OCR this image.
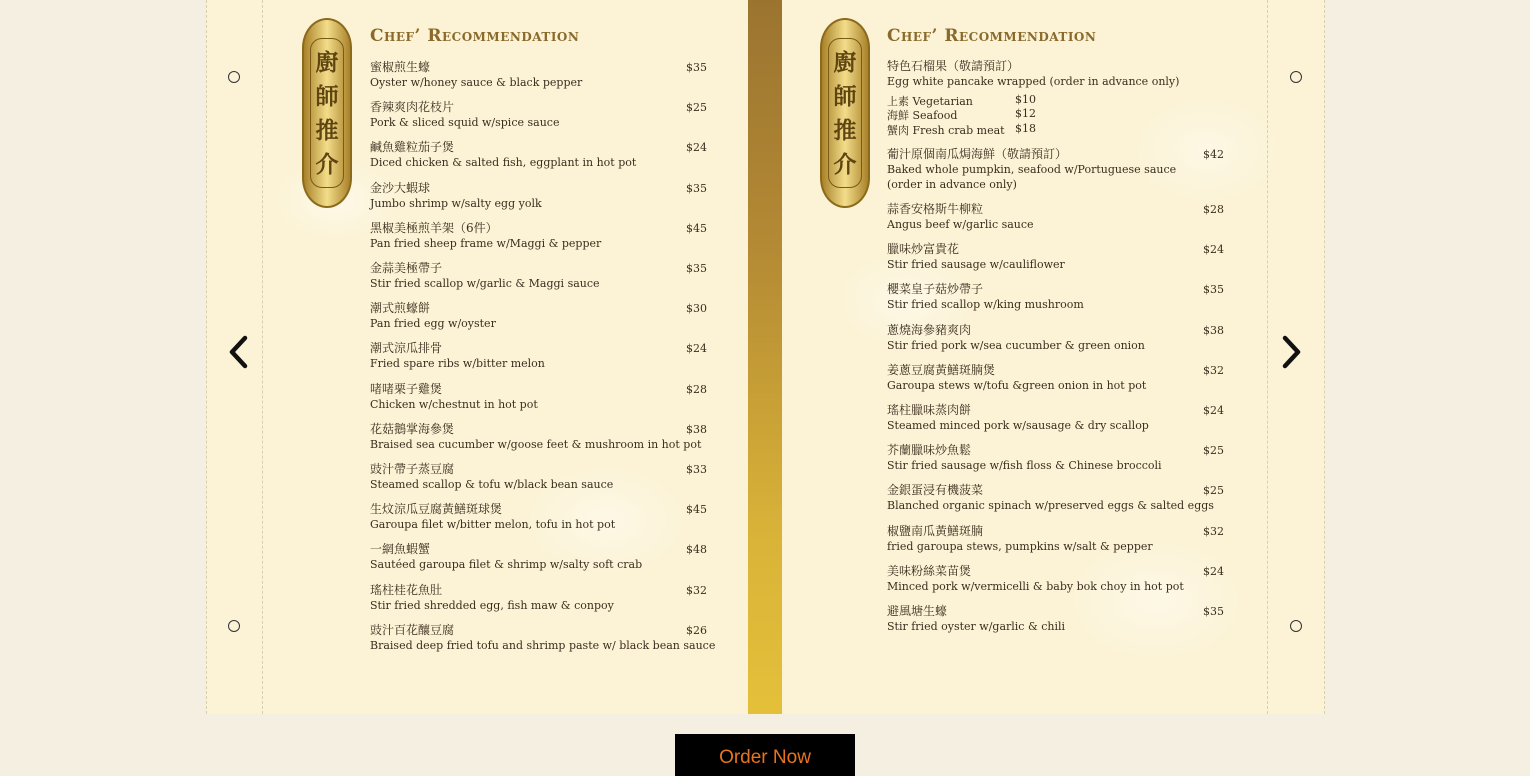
廚
師
推
介
Chef’ Recommendation
蜜椒煎生蠔
Oyster w/honey sauce & black pepper
$35
香辣爽肉花枝片
Pork & sliced squid w/spice sauce
$25
鹹魚雞粒茄子煲
Diced chicken & salted fish, eggplant in hot pot
$24
金沙大蝦球
Jumbo shrimp w/salty egg yolk
$35
黑椒美極煎羊架（6件）
Pan fried sheep frame w/Maggi & pepper
$45
金蒜美極帶子
Stir fried scallop w/garlic & Maggi sauce
$35
潮式煎蠔餅
Pan fried egg w/oyster
$30
潮式涼瓜排骨
Fried spare ribs w/bitter melon
$24
啫啫栗子雞煲
Chicken w/chestnut in hot pot
$28
花菇鵝掌海參煲
Braised sea cucumber w/goose feet & mushroom in hot pot
$38
豉汁帶子蒸豆腐
Steamed scallop & tofu w/black bean sauce
$33
生炆涼瓜豆腐黃鱔斑球煲
Garoupa filet w/bitter melon, tofu in hot pot
$45
一網魚蝦蟹
Sautéed garoupa filet & shrimp w/salty soft crab
$48
瑤柱桂花魚肚
Stir fried shredded egg, fish maw & conpoy
$32
豉汁百花釀豆腐
Braised deep fried tofu and shrimp paste w/ black bean sauce
$26
廚
師
推
介
Chef’ Recommendation
特色石榴果（敬請預訂）
Egg white pancake wrapped (order in advance only)
上素 Vegetarian	$10
海鮮 Seafood	$12
蟹肉 Fresh crab meat $18
葡汁原個南瓜焗海鮮（敬請預訂）
Baked whole pumpkin, seafood w/Portuguese sauce
(order in advance only)
$42
蒜香安格斯牛柳粒
Angus beef w/garlic sauce
$28
臘味炒富貴花
Stir fried sausage w/cauliflower
$24
櫻菜皇子菇炒帶子
Stir fried scallop w/king mushroom
$35
蔥燒海參豬爽肉
Stir fried pork w/sea cucumber & green onion
$38
姜蔥豆腐黃鱔斑腩煲
Garoupa stews w/tofu &green onion in hot pot
$32
瑤柱臘味蒸肉餅
Steamed minced pork w/sausage & dry scallop
$24
芥蘭臘味炒魚鬆
Stir fried sausage w/fish floss & Chinese broccoli
$25
金銀蛋浸有機菠菜
Blanched organic spinach w/preserved eggs & salted eggs
$25
椒鹽南瓜黃鱔斑腩
fried garoupa stews, pumpkins w/salt & pepper
$32
美味粉絲菜苗煲
Minced pork w/vermicelli & baby bok choy in hot pot
$24
避風塘生蠔
Stir fried oyster w/garlic & chili
$35
Order Now
